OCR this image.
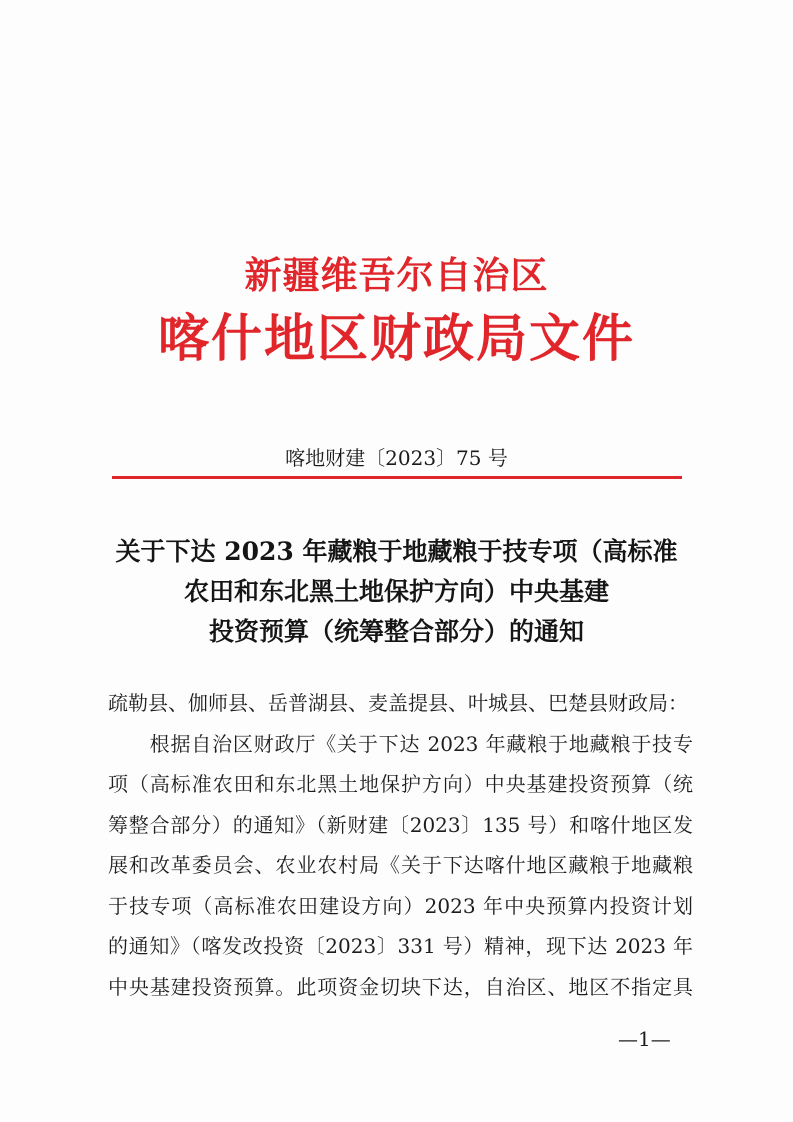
新疆维吾尔自治区
喀什地区财政局文件
喀地财建〔2023〕75 号
关于下达 2023 年藏粮于地藏粮于技专项（高标准
农田和东北黑土地保护方向）中央基建
投资预算（统筹整合部分）的通知
疏勒县、伽师县、岳普湖县、麦盖提县、叶城县、巴楚县财政局：
　　根据自治区财政厅《关于下达 2023 年藏粮于地藏粮于技专
项（高标准农田和东北黑土地保护方向）中央基建投资预算（统
筹整合部分）的通知》（新财建〔2023〕135 号）和喀什地区发
展和改革委员会、农业农村局《关于下达喀什地区藏粮于地藏粮
于技专项（高标准农田建设方向）2023 年中央预算内投资计划
的通知》（喀发改投资〔2023〕331 号）精神，现下达 2023 年
中央基建投资预算。此项资金切块下达，自治区、地区不指定具
—1—
